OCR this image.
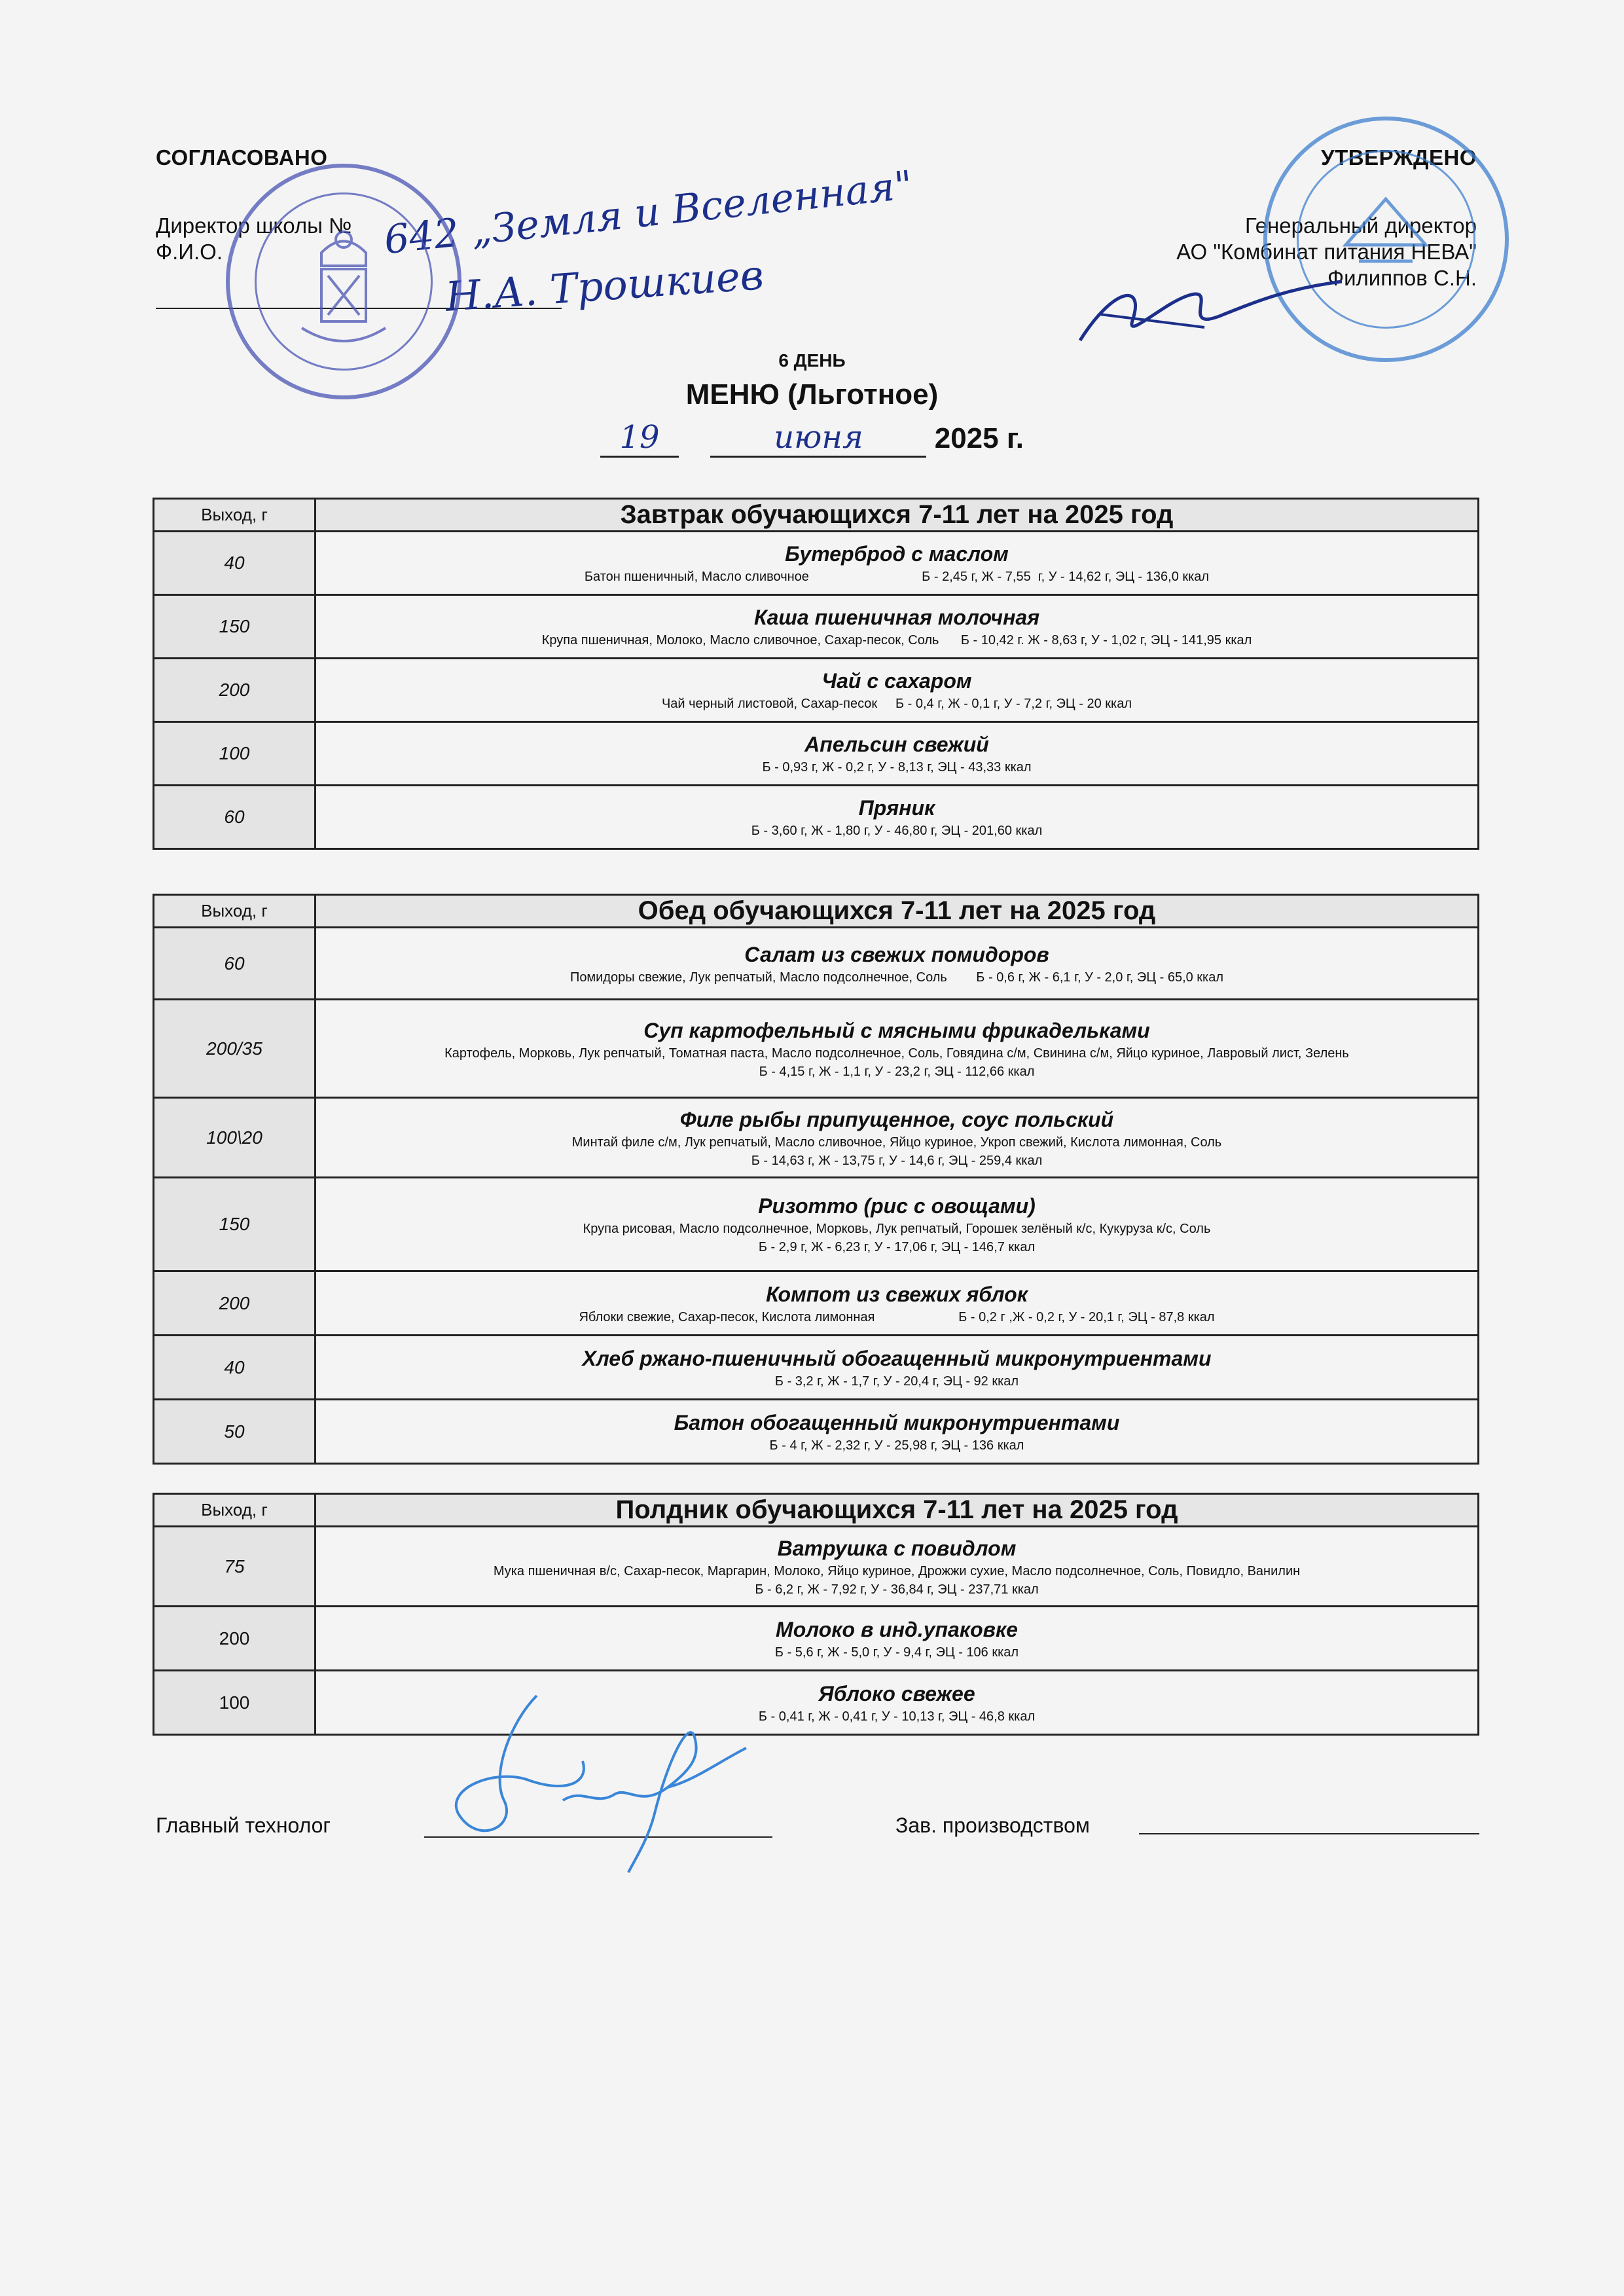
СОГЛАСОВАНО
Директор школы №
Ф.И.О.	642 „Земля и Вселенная"
Н.А. Трошкиев
УТВЕРЖДЕНО
Генеральный директор
АО "Комбинат питания НЕВА"
Филиппов С.Н.
6 ДЕНЬ
МЕНЮ (Льготное)
19	июня 2025 г.
Выход, г	Завтрак обучающихся 7-11 лет на 2025 год
40	Бутерброд с маслом
Батон пшеничный, Масло сливочное                               Б - 2,45 г, Ж - 7,55  г, У - 14,62 г, ЭЦ - 136,0 ккал

150	Каша пшеничная молочная
Крупа пшеничная, Молоко, Масло сливочное, Сахар-песок, Соль      Б - 10,42 г. Ж - 8,63 г, У - 1,02 г, ЭЦ - 141,95 ккал

200	Чай с сахаром
Чай черный листовой, Сахар-песок     Б - 0,4 г, Ж - 0,1 г, У - 7,2 г, ЭЦ - 20 ккал

100	Апельсин свежий
Б - 0,93 г, Ж - 0,2 г, У - 8,13 г, ЭЦ - 43,33 ккал

60	Пряник
Б - 3,60 г, Ж - 1,80 г, У - 46,80 г, ЭЦ - 201,60 ккал
Выход, г	Обед обучающихся 7-11 лет на 2025 год
60	Салат из свежих помидоров
Помидоры свежие, Лук репчатый, Масло подсолнечное, Соль        Б - 0,6 г, Ж - 6,1 г, У - 2,0 г, ЭЦ - 65,0 ккал

200/35	Суп картофельный с мясными фрикадельками
Картофель, Морковь, Лук репчатый, Томатная паста, Масло подсолнечное, Соль, Говядина с/м, Свинина с/м, Яйцо куриное, Лавровый лист, Зелень
Б - 4,15 г, Ж - 1,1 г, У - 23,2 г, ЭЦ - 112,66 ккал

100\20	Филе рыбы припущенное, соус польский
Минтай филе с/м, Лук репчатый, Масло сливочное, Яйцо куриное, Укроп свежий, Кислота лимонная, Соль
Б - 14,63 г, Ж - 13,75 г, У - 14,6 г, ЭЦ - 259,4 ккал

150	Ризотто (рис с овощами)
Крупа рисовая, Масло подсолнечное, Морковь, Лук репчатый, Горошек зелёный к/с, Кукуруза к/с, Соль
Б - 2,9 г, Ж - 6,23 г, У - 17,06 г, ЭЦ - 146,7 ккал

200	Компот из свежих яблок
Яблоки свежие, Сахар-песок, Кислота лимонная                       Б - 0,2 г ,Ж - 0,2 г, У - 20,1 г, ЭЦ - 87,8 ккал

40	Хлеб ржано-пшеничный обогащенный микронутриентами
Б - 3,2 г, Ж - 1,7 г, У - 20,4 г, ЭЦ - 92 ккал

50	Батон обогащенный микронутриентами
Б - 4 г, Ж - 2,32 г, У - 25,98 г, ЭЦ - 136 ккал
Выход, г	Полдник обучающихся 7-11 лет на 2025 год
75	Ватрушка с повидлом
Мука пшеничная в/с, Сахар-песок, Маргарин, Молоко, Яйцо куриное, Дрожжи сухие, Масло подсолнечное, Соль, Повидло, Ванилин
Б - 6,2 г, Ж - 7,92 г, У - 36,84 г, ЭЦ - 237,71 ккал

200	Молоко в инд.упаковке
Б - 5,6 г, Ж - 5,0 г, У - 9,4 г, ЭЦ - 106 ккал

100	Яблоко свежее
Б - 0,41 г, Ж - 0,41 г, У - 10,13 г, ЭЦ - 46,8 ккал
Главный технолог	Зав. производством
